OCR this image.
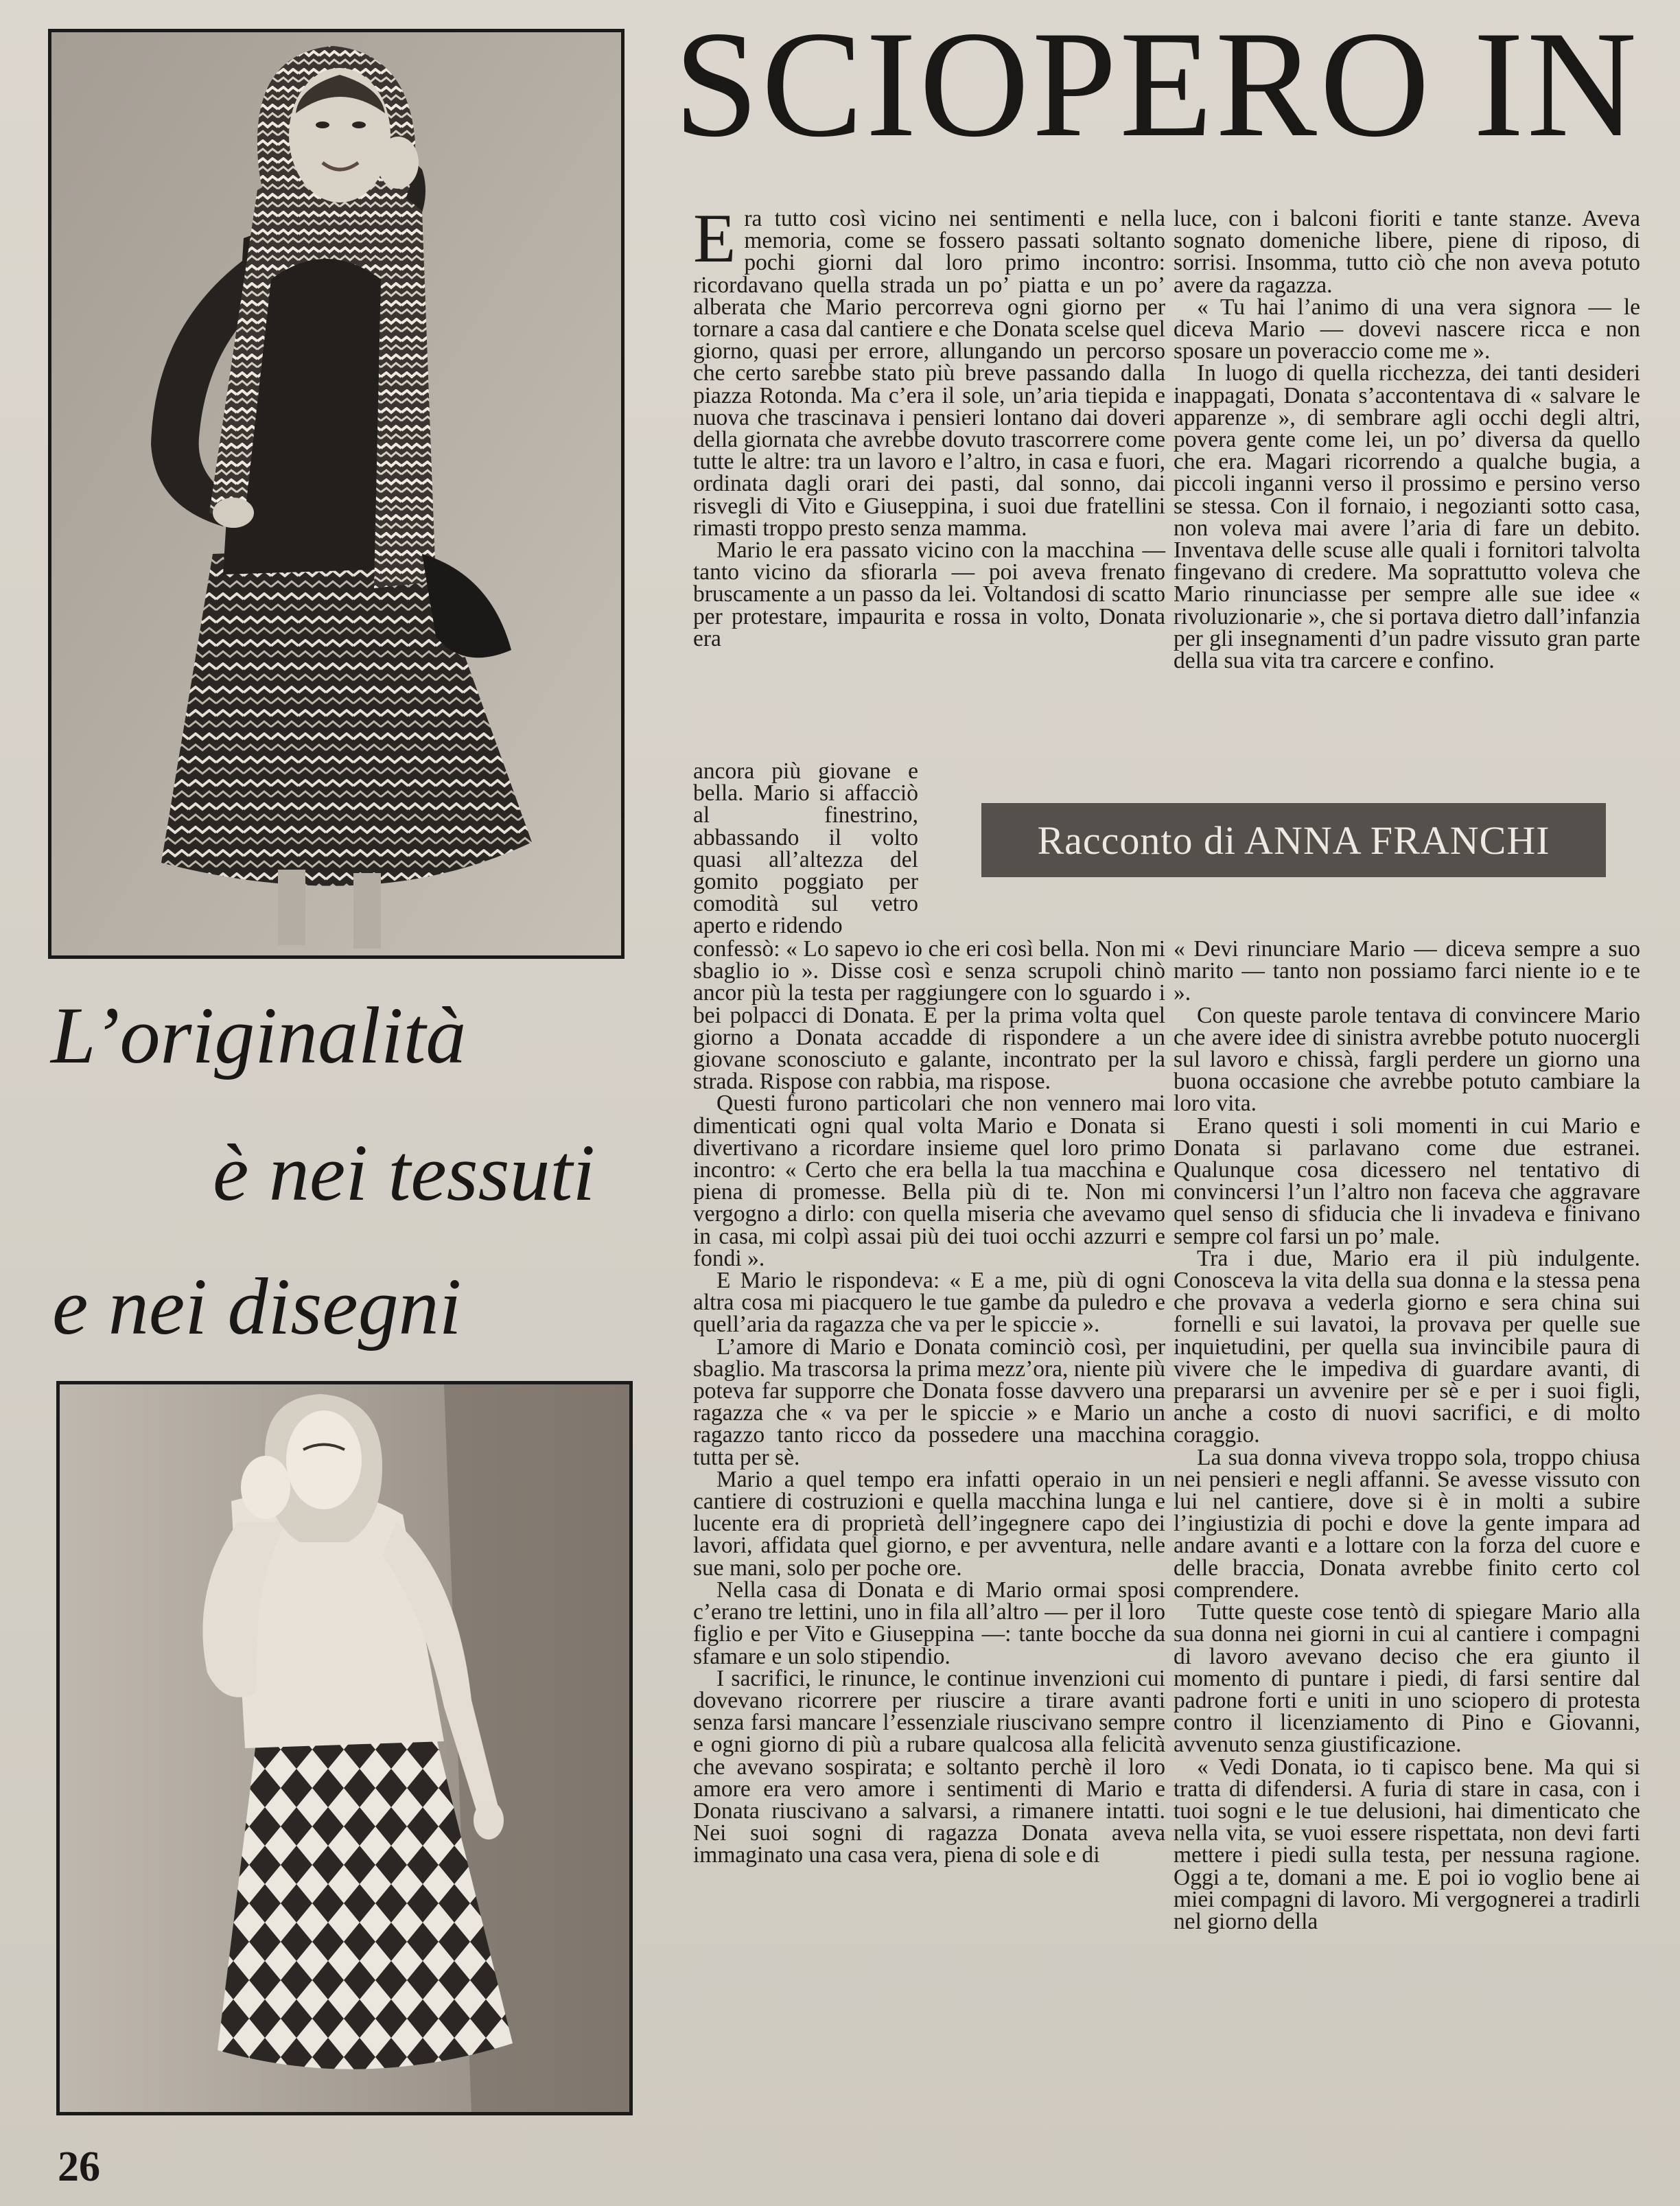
SCIOPERO IN

L’originalità

è nei tessuti

e nei disegni

Era tutto così vicino nei sentimenti e nella memoria, come se fossero passati soltanto pochi giorni dal loro primo incontro: ricordavano quella strada un po’ piatta e un po’ alberata che Mario percorreva ogni giorno per tornare a casa dal cantiere e che Donata scelse quel giorno, quasi per errore, allungando un percorso che certo sarebbe stato più breve passando dalla piazza Rotonda. Ma c’era il sole, un’aria tiepida e nuova che trascinava i pensieri lontano dai doveri della giornata che avrebbe dovuto trascorrere come tutte le altre: tra un lavoro e l’altro, in casa e fuori, ordinata dagli orari dei pasti, dal sonno, dai risvegli di Vito e Giuseppina, i suoi due fratellini rimasti troppo presto senza mamma.

Mario le era passato vicino con la macchina — tanto vicino da sfiorarla — poi aveva frenato bruscamente a un passo da lei. Voltandosi di scatto per protestare, impaurita e rossa in volto, Donata era

luce, con i balconi fioriti e tante stanze. Aveva sognato domeniche libere, piene di riposo, di sorrisi. Insomma, tutto ciò che non aveva potuto avere da ragazza.

« Tu hai l’animo di una vera signora — le diceva Mario — dovevi nascere ricca e non sposare un poveraccio come me ».

In luogo di quella ricchezza, dei tanti desideri inappagati, Donata s’accontentava di « salvare le apparenze », di sembrare agli occhi degli altri, povera gente come lei, un po’ diversa da quello che era. Magari ricorrendo a qualche bugia, a piccoli inganni verso il prossimo e persino verso se stessa. Con il fornaio, i negozianti sotto casa, non voleva mai avere l’aria di fare un debito. Inventava delle scuse alle quali i fornitori talvolta fingevano di credere. Ma soprattutto voleva che Mario rinunciasse per sempre alle sue idee « rivoluzionarie », che si portava dietro dall’infanzia per gli insegnamenti d’un padre vissuto gran parte della sua vita tra carcere e confino.

ancora più giovane e bella. Mario si affacciò al finestrino, abbassando il volto quasi all’altezza del gomito poggiato per comodità sul vetro aperto e ridendo

Racconto di ANNA FRANCHI

confessò: « Lo sapevo io che eri così bella. Non mi sbaglio io ». Disse così e senza scrupoli chinò ancor più la testa per raggiungere con lo sguardo i bei polpacci di Donata. E per la prima volta quel giorno a Donata accadde di rispondere a un giovane sconosciuto e galante, incontrato per la strada. Rispose con rabbia, ma rispose.

Questi furono particolari che non vennero mai dimenticati ogni qual volta Mario e Donata si divertivano a ricordare insieme quel loro primo incontro: « Certo che era bella la tua macchina e piena di promesse. Bella più di te. Non mi vergogno a dirlo: con quella miseria che avevamo in casa, mi colpì assai più dei tuoi occhi azzurri e fondi ».

E Mario le rispondeva: « E a me, più di ogni altra cosa mi piacquero le tue gambe da puledro e quell’aria da ragazza che va per le spiccie ».

L’amore di Mario e Donata cominciò così, per sbaglio. Ma trascorsa la prima mezz’ora, niente più poteva far supporre che Donata fosse davvero una ragazza che « va per le spiccie » e Mario un ragazzo tanto ricco da possedere una macchina tutta per sè.

Mario a quel tempo era infatti operaio in un cantiere di costruzioni e quella macchina lunga e lucente era di proprietà dell’ingegnere capo dei lavori, affidata quel giorno, e per avventura, nelle sue mani, solo per poche ore.

Nella casa di Donata e di Mario ormai sposi c’erano tre lettini, uno in fila all’altro — per il loro figlio e per Vito e Giuseppina —: tante bocche da sfamare e un solo stipendio.

I sacrifici, le rinunce, le continue invenzioni cui dovevano ricorrere per riuscire a tirare avanti senza farsi mancare l’essenziale riuscivano sempre e ogni giorno di più a rubare qualcosa alla felicità che avevano sospirata; e soltanto perchè il loro amore era vero amore i sentimenti di Mario e Donata riuscivano a salvarsi, a rimanere intatti. Nei suoi sogni di ragazza Donata aveva immaginato una casa vera, piena di sole e di

« Devi rinunciare Mario — diceva sempre a suo marito — tanto non possiamo farci niente io e te ».

Con queste parole tentava di convincere Mario che avere idee di sinistra avrebbe potuto nuocergli sul lavoro e chissà, fargli perdere un giorno una buona occasione che avrebbe potuto cambiare la loro vita.

Erano questi i soli momenti in cui Mario e Donata si parlavano come due estranei. Qualunque cosa dicessero nel tentativo di convincersi l’un l’altro non faceva che aggravare quel senso di sfiducia che li invadeva e finivano sempre col farsi un po’ male.

Tra i due, Mario era il più indulgente. Conosceva la vita della sua donna e la stessa pena che provava a vederla giorno e sera china sui fornelli e sui lavatoi, la provava per quelle sue inquietudini, per quella sua invincibile paura di vivere che le impediva di guardare avanti, di prepararsi un avvenire per sè e per i suoi figli, anche a costo di nuovi sacrifici, e di molto coraggio.

La sua donna viveva troppo sola, troppo chiusa nei pensieri e negli affanni. Se avesse vissuto con lui nel cantiere, dove si è in molti a subire l’ingiustizia di pochi e dove la gente impara ad andare avanti e a lottare con la forza del cuore e delle braccia, Donata avrebbe finito certo col comprendere.

Tutte queste cose tentò di spiegare Mario alla sua donna nei giorni in cui al cantiere i compagni di lavoro avevano deciso che era giunto il momento di puntare i piedi, di farsi sentire dal padrone forti e uniti in uno sciopero di protesta contro il licenziamento di Pino e Giovanni, avvenuto senza giustificazione.

« Vedi Donata, io ti capisco bene. Ma qui si tratta di difendersi. A furia di stare in casa, con i tuoi sogni e le tue delusioni, hai dimenticato che nella vita, se vuoi essere rispettata, non devi farti mettere i piedi sulla testa, per nessuna ragione. Oggi a te, domani a me. E poi io voglio bene ai miei compagni di lavoro. Mi vergognerei a tradirli nel giorno della

26
